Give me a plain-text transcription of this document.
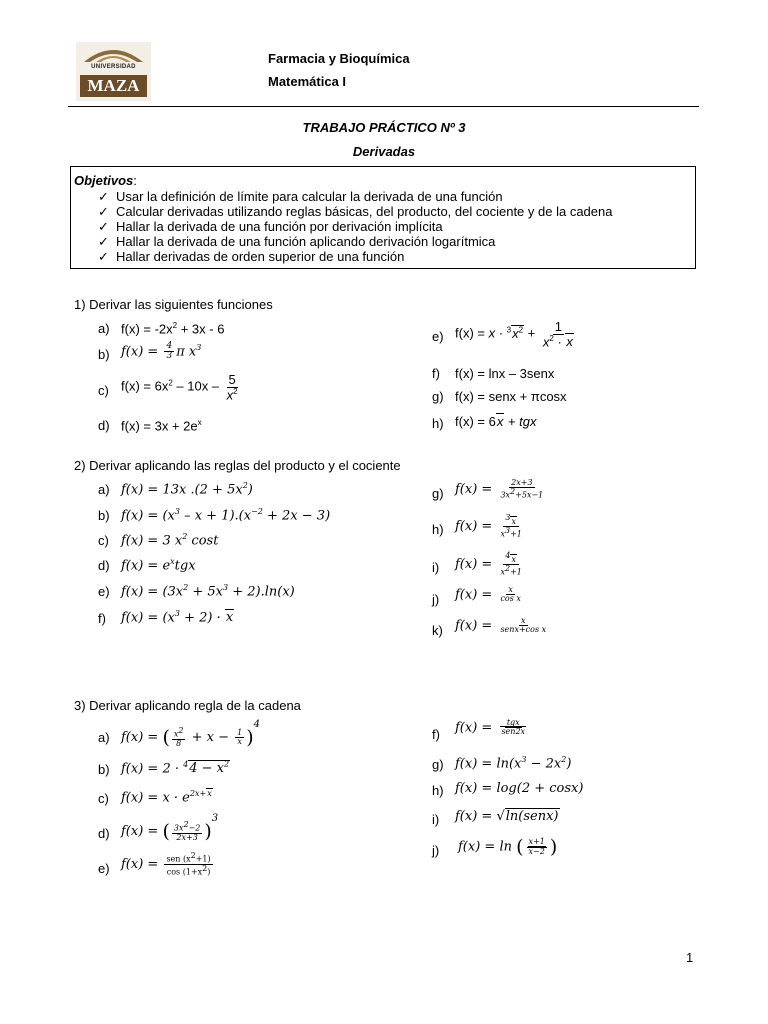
UNIVERSIDAD
MAZA
Farmacia y Bioquímica
Matemática I
TRABAJO PRÁCTICO Nº 3
Derivadas
Objetivos:
✓ Usar la definición de límite para calcular la derivada de una función
✓ Calcular derivadas utilizando reglas básicas, del producto, del cociente y de la cadena
✓ Hallar la derivada de una función por derivación implícita
✓ Hallar la derivada de una función aplicando derivación logarítmica
✓ Hallar derivadas de orden superior de una función
1) Derivar las siguientes funciones
a) $f(x) = -2x^2 + 3x - 6$
b) $f(x) = \frac{4}{3}$ π $x^3$
c) $f(x) = 6x^2 - 10x - \frac{5}{x^2}$
d) $f(x) = 3x + 2e^x$
e) $f(x) = x \cdot ^3x^2 + \frac{1}{x^2 \cdot x}$
f) f(x) = lnx – 3senx
g) f(x) = senx + πcosx
h) f(x) = 6x + tgx
2) Derivar aplicando las reglas del producto y el cociente
a) f(x) = 13x $.(2 + 5x^2)$
b) $f(x) = (x^3 - x + 1).(x^{-2} + 2x - 3)$
c) f(x) = 3 $x^2$ cost
d) $f(x) = e^xtgx$
e) $f(x) = (3x^2 + 5x^3 + 2).\ln(x)$
f) $f(x) = (x^3 + 2) \cdot x$
g) $f(x) = \frac{2x+3}{3x^2+5x-1}$
h) $f(x) = \frac{^3x}{x^3+1}$
i) $f(x) = \frac{^4x}{x^2+1}$
j) $f(x) = \frac{x}{\text{cos x}}$
k) $f(x) = \frac{x}{\text{senx+cos x}}$
3) Derivar aplicando regla de la cadena
a) f(x) = ( $\frac{x^2}{8} + x - \frac{1}{x} )^4$
b) $f(x) = 2 \cdot ^44 - x^2$
c) $f(x) = x \cdot e^{2x+x}$
d) f(x) = ( $\frac{3x^2-2}{2x+3} )^3$
e) $f(x) = \frac{sen (x^2+1)}{\cos (1+x^2)}$
f) $f(x) = \frac{\text{tgx}}{\text{sen2x}}$
g) $f(x) = \ln(x^3 - 2x^2)$
h) f(x) = log(2 + cosx)
i) f(x) = √ln(senx)
j) f(x) = ln ( $\frac{x+1}{x-2}$ )
1
